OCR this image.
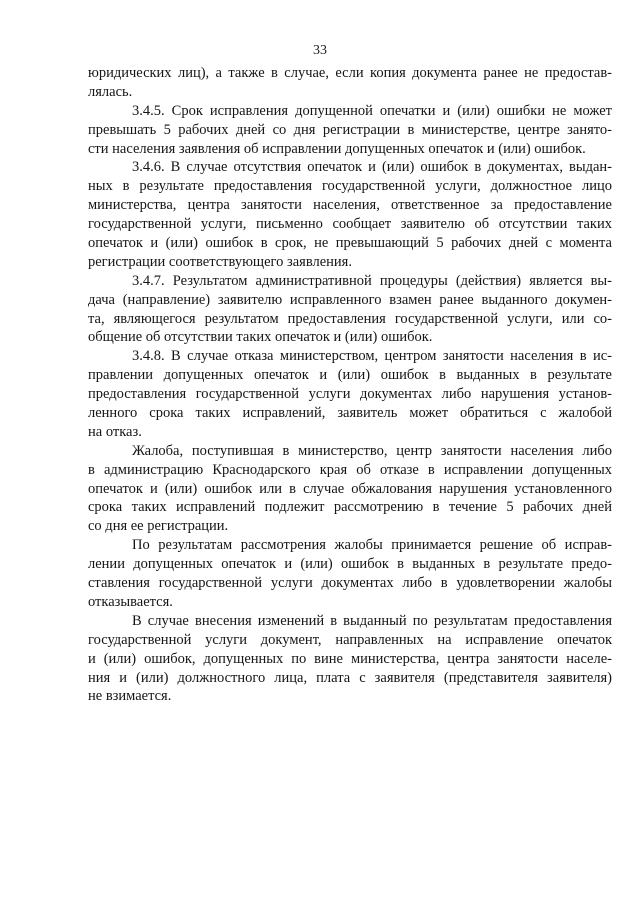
33
юридических лиц), а также в случае, если копия документа ранее не предостав-
лялась.
3.4.5. Срок исправления допущенной опечатки и (или) ошибки не может
превышать 5 рабочих дней со дня регистрации в министерстве, центре занято-
сти населения заявления об исправлении допущенных опечаток и (или) ошибок.
3.4.6. В случае отсутствия опечаток и (или) ошибок в документах, выдан-
ных в результате предоставления государственной услуги, должностное лицо
министерства, центра занятости населения, ответственное за предоставление
государственной услуги, письменно сообщает заявителю об отсутствии таких
опечаток и (или) ошибок в срок, не превышающий 5 рабочих дней с момента
регистрации соответствующего заявления.
3.4.7. Результатом административной процедуры (действия) является вы-
дача (направление) заявителю исправленного взамен ранее выданного докумен-
та, являющегося результатом предоставления государственной услуги, или со-
общение об отсутствии таких опечаток и (или) ошибок.
3.4.8. В случае отказа министерством, центром занятости населения в ис-
правлении допущенных опечаток и (или) ошибок в выданных в результате
предоставления государственной услуги документах либо нарушения установ-
ленного срока таких исправлений, заявитель может обратиться с жалобой
на отказ.
Жалоба, поступившая в министерство, центр занятости населения либо
в администрацию Краснодарского края об отказе в исправлении допущенных
опечаток и (или) ошибок или в случае обжалования нарушения установленного
срока таких исправлений подлежит рассмотрению в течение 5 рабочих дней
со дня ее регистрации.
По результатам рассмотрения жалобы принимается решение об исправ-
лении допущенных опечаток и (или) ошибок в выданных в результате предо-
ставления государственной услуги документах либо в удовлетворении жалобы
отказывается.
В случае внесения изменений в выданный по результатам предоставления
государственной услуги документ, направленных на исправление опечаток
и (или) ошибок, допущенных по вине министерства, центра занятости населе-
ния и (или) должностного лица, плата с заявителя (представителя заявителя)
не взимается.
